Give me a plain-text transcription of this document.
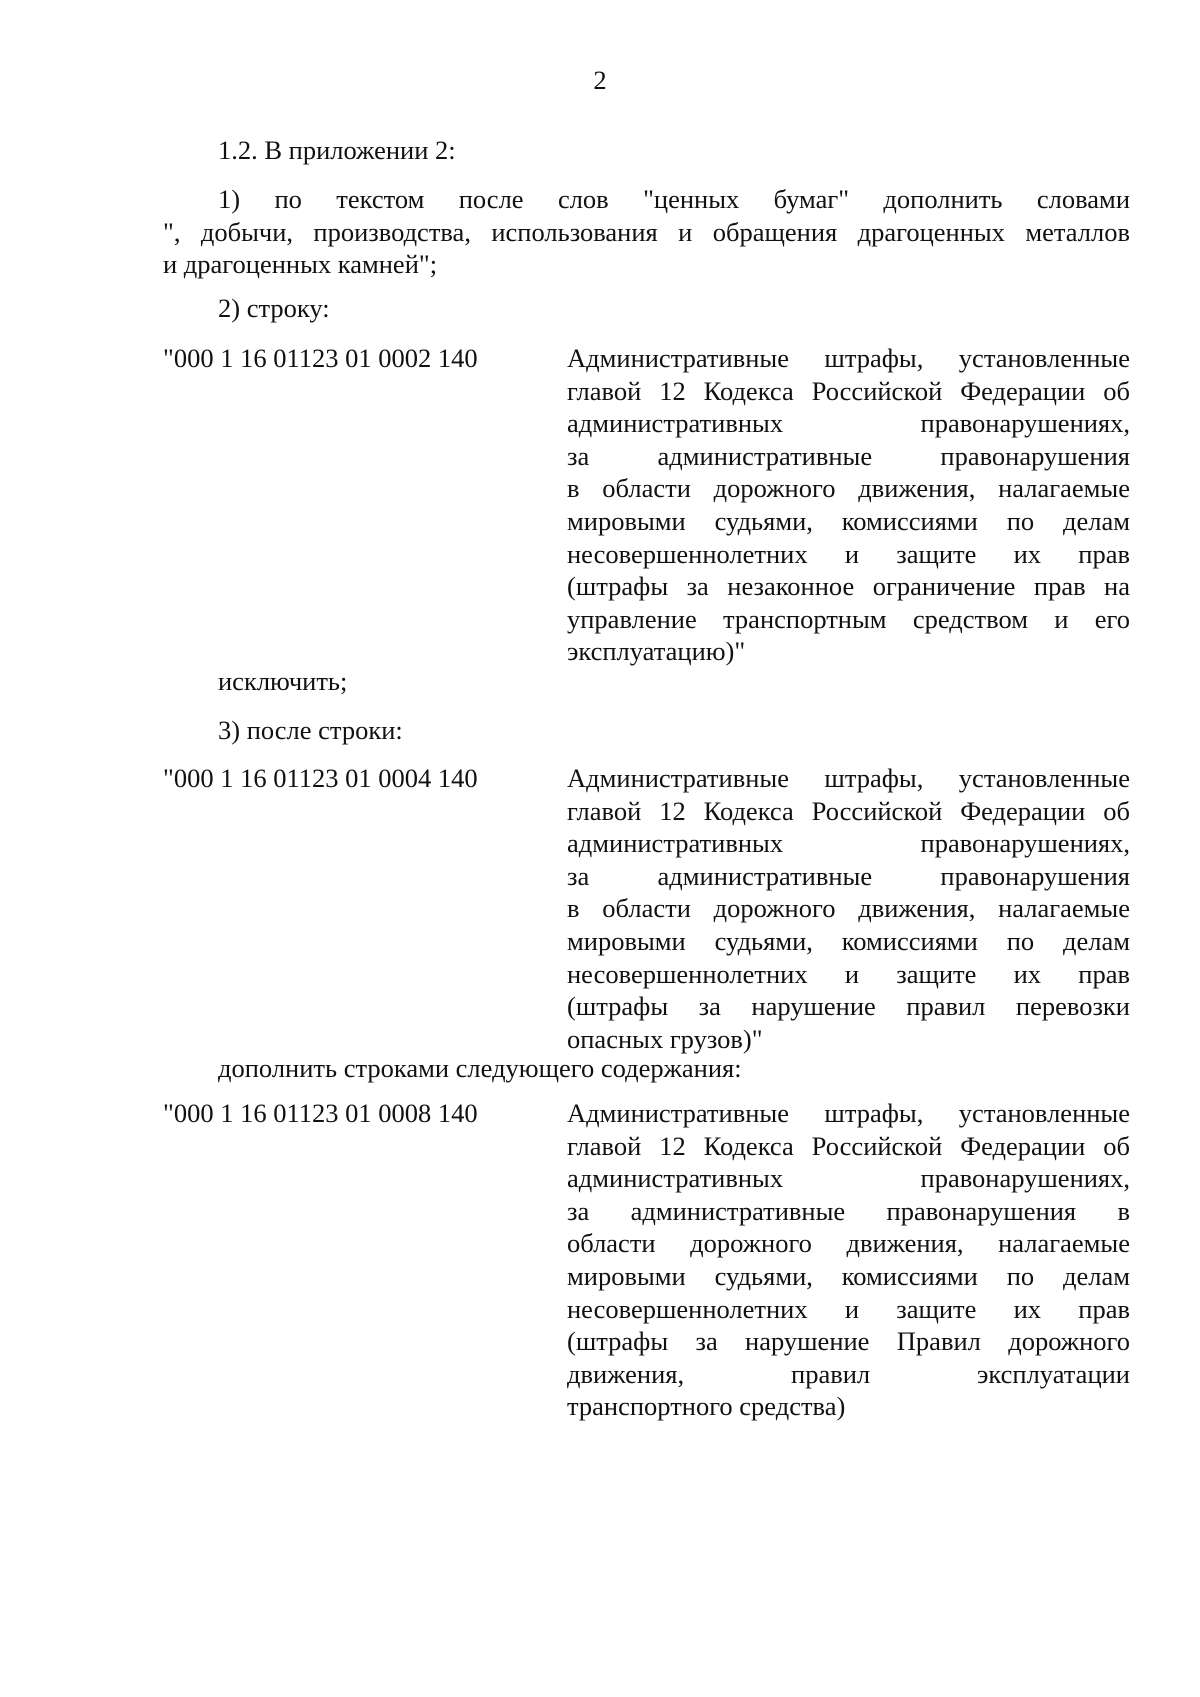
2
1.2. В приложении 2:
1) по текстом после слов "ценных бумаг" дополнить словами
", добычи, производства, использования и обращения драгоценных металлов
и драгоценных камней";
2) строку:
"000 1 16 01123 01 0002 140	Административные штрафы, установленные
главой 12 Кодекса Российской Федерации об
административных правонарушениях,
за административные правонарушения
в области дорожного движения, налагаемые
мировыми судьями, комиссиями по делам
несовершеннолетних и защите их прав
(штрафы за незаконное ограничение прав на
управление транспортным средством и его
эксплуатацию)"
исключить;
3) после строки:
"000 1 16 01123 01 0004 140	Административные штрафы, установленные
главой 12 Кодекса Российской Федерации об
административных правонарушениях,
за административные правонарушения
в области дорожного движения, налагаемые
мировыми судьями, комиссиями по делам
несовершеннолетних и защите их прав
(штрафы за нарушение правил перевозки
опасных грузов)"
дополнить строками следующего содержания:
"000 1 16 01123 01 0008 140	Административные штрафы, установленные
главой 12 Кодекса Российской Федерации об
административных правонарушениях,
за административные правонарушения в
области дорожного движения, налагаемые
мировыми судьями, комиссиями по делам
несовершеннолетних и защите их прав
(штрафы за нарушение Правил дорожного
движения, правил эксплуатации
транспортного средства)
